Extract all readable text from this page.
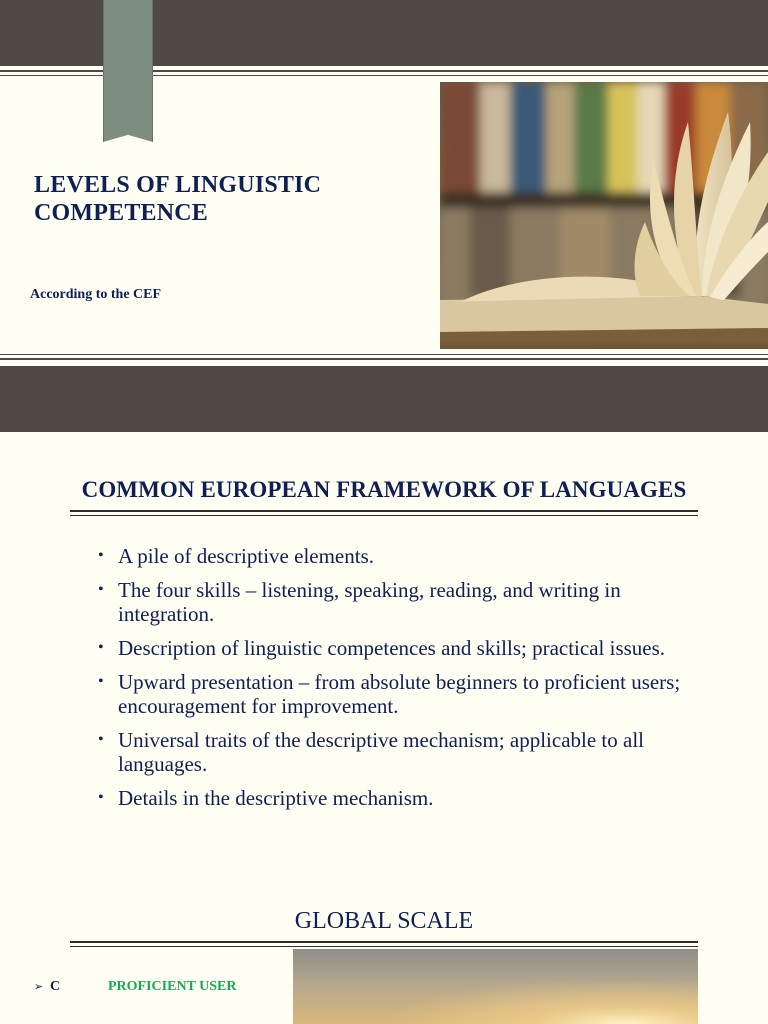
LEVELS OF LINGUISTIC COMPETENCE

According to the CEF

COMMON EUROPEAN FRAMEWORK OF LANGUAGES
• A pile of descriptive elements.
• The four skills – listening, speaking, reading, and writing in integration.
• Description of linguistic competences and skills; practical issues.
• Upward presentation – from absolute beginners to proficient users; encouragement for improvement.
• Universal traits of the descriptive mechanism; applicable to all languages.
• Details in the descriptive mechanism.
GLOBAL SCALE
➢ C	PROFICIENT USER
